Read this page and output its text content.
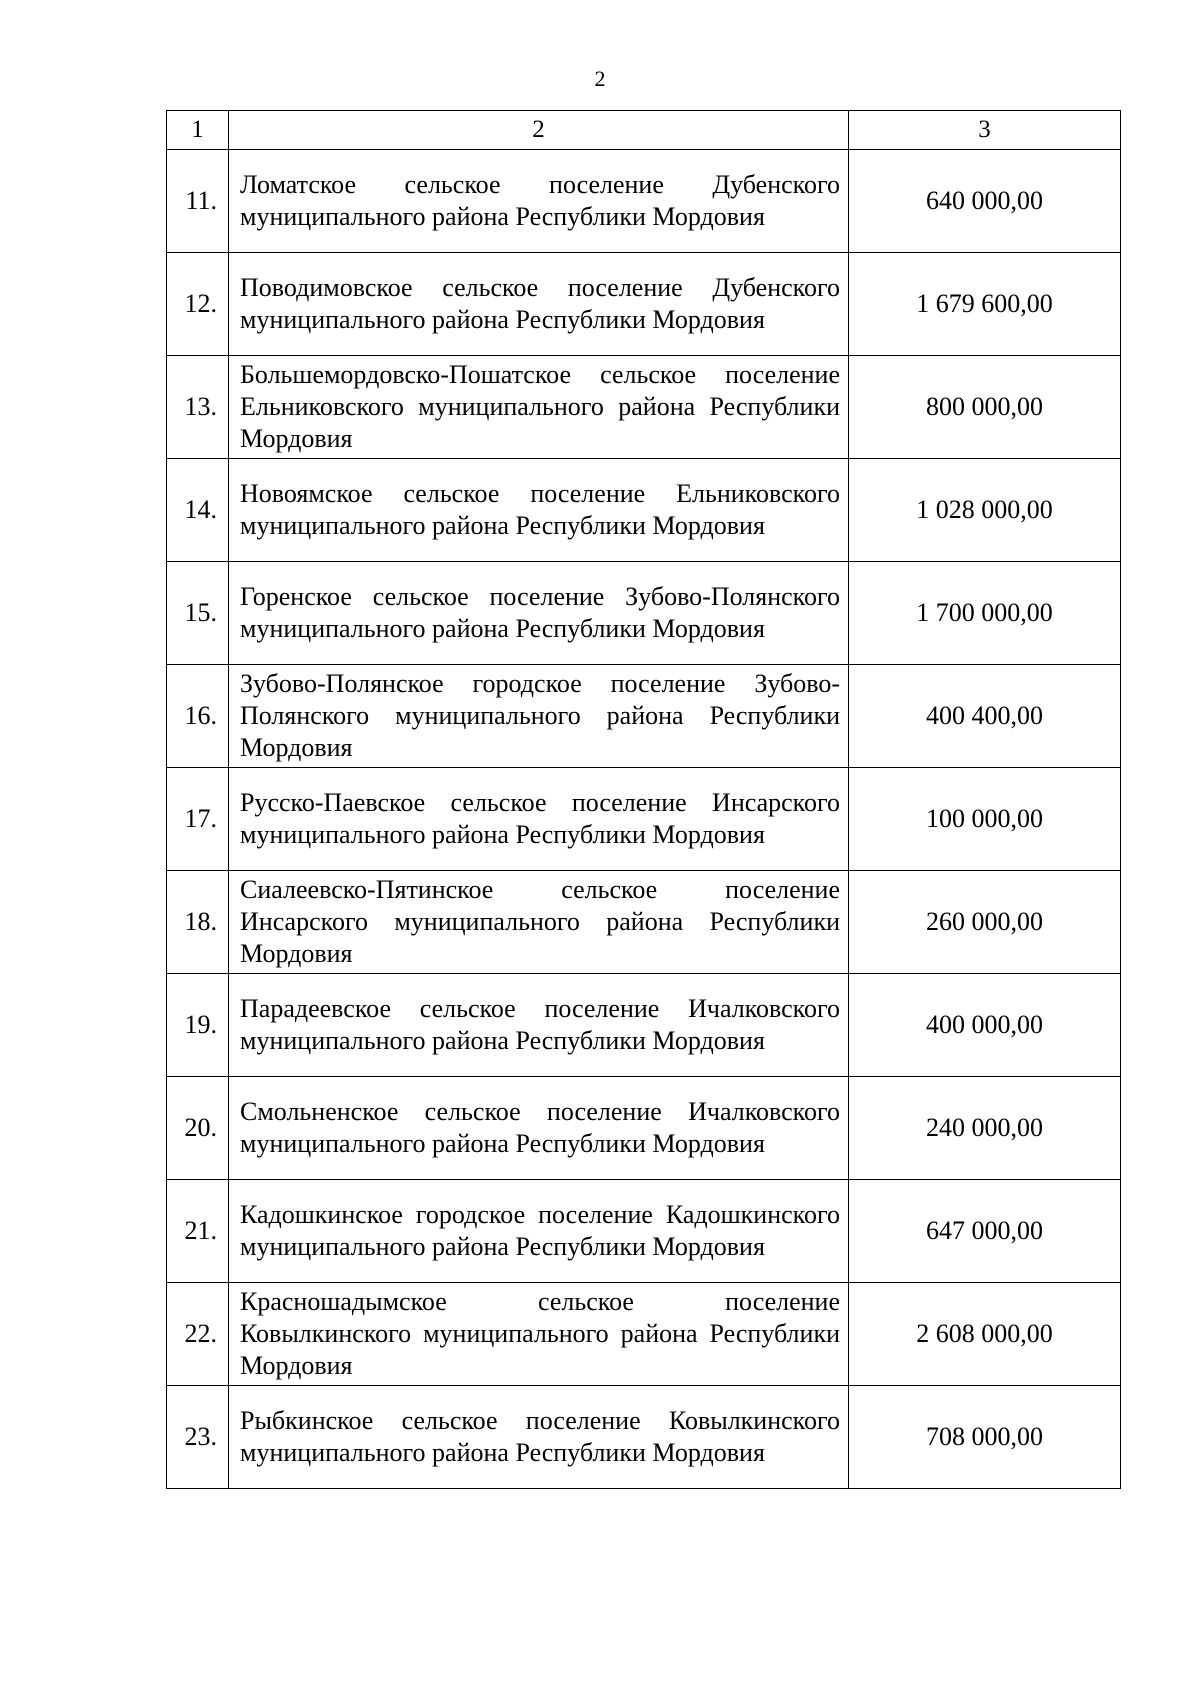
2
1	2	3
11.	Ломатское сельское поселение Дубенского муниципального района Республики Мордовия	640 000,00
12.	Поводимовское сельское поселение Дубенского муниципального района Республики Мордовия	1 679 600,00
13.	Большемордовско-Пошатское сельское поселение Ельниковского муниципального района Республики Мордовия	800 000,00
14.	Новоямское сельское поселение Ельниковского муниципального района Республики Мордовия	1 028 000,00
15.	Горенское сельское поселение Зубово-Полянского муниципального района Республики Мордовия	1 700 000,00
16.	Зубово-Полянское городское поселение Зубово-Полянского муниципального района Республики Мордовия	400 400,00
17.	Русско-Паевское сельское поселение Инсарского муниципального района Республики Мордовия	100 000,00
18.	Сиалеевско-Пятинское сельское поселение Инсарского муниципального района Республики Мордовия	260 000,00
19.	Парадеевское сельское поселение Ичалковского муниципального района Республики Мордовия	400 000,00
20.	Смольненское сельское поселение Ичалковского муниципального района Республики Мордовия	240 000,00
21.	Кадошкинское городское поселение Кадошкинского муниципального района Республики Мордовия	647 000,00
22.	Красношадымское сельское поселение Ковылкинского муниципального района Республики Мордовия	2 608 000,00
23.	Рыбкинское сельское поселение Ковылкинского муниципального района Республики Мордовия	708 000,00
